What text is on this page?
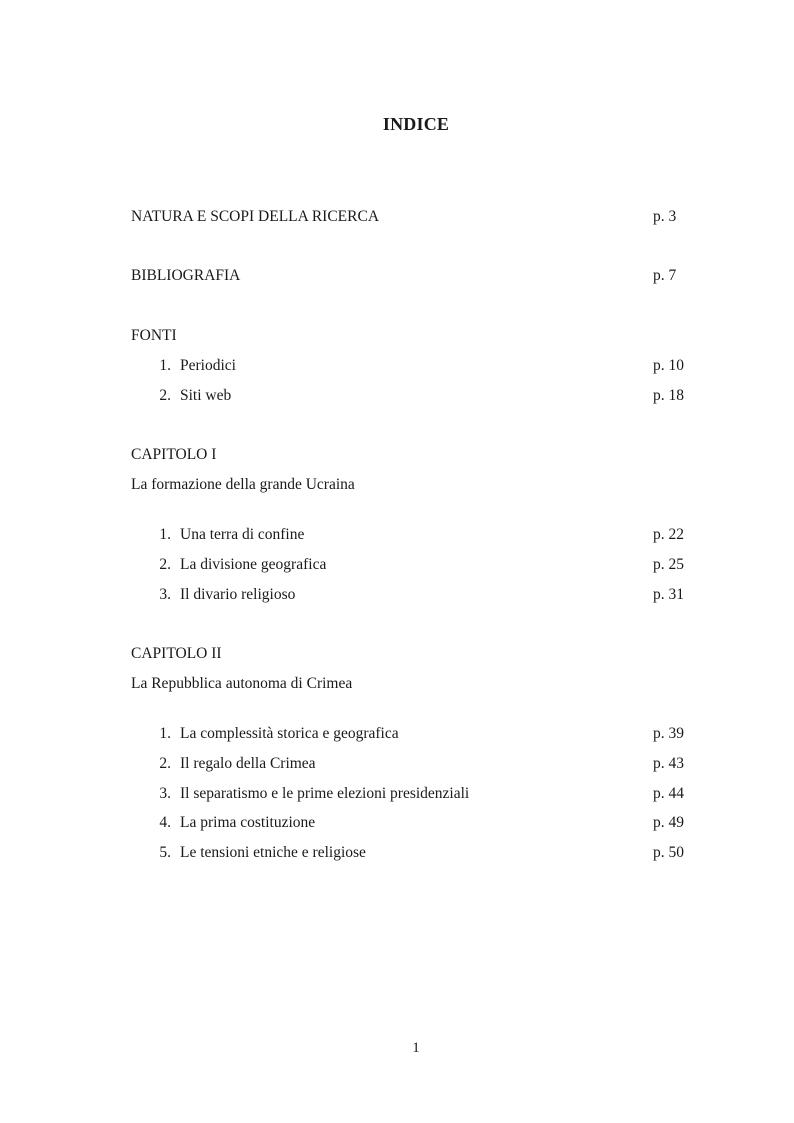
INDICE
NATURA E SCOPI DELLA RICERCA	p. 3
BIBLIOGRAFIA	p. 7
FONTI
1. Periodici	p. 10
2. Siti web	p. 18
CAPITOLO I
La formazione della grande Ucraina
1. Una terra di confine	p. 22
2. La divisione geografica	p. 25
3. Il divario religioso	p. 31
CAPITOLO II
La Repubblica autonoma di Crimea
1. La complessità storica e geografica	p. 39
2. Il regalo della Crimea	p. 43
3. Il separatismo e le prime elezioni presidenziali	p. 44
4. La prima costituzione	p. 49
5. Le tensioni etniche e religiose	p. 50
1
